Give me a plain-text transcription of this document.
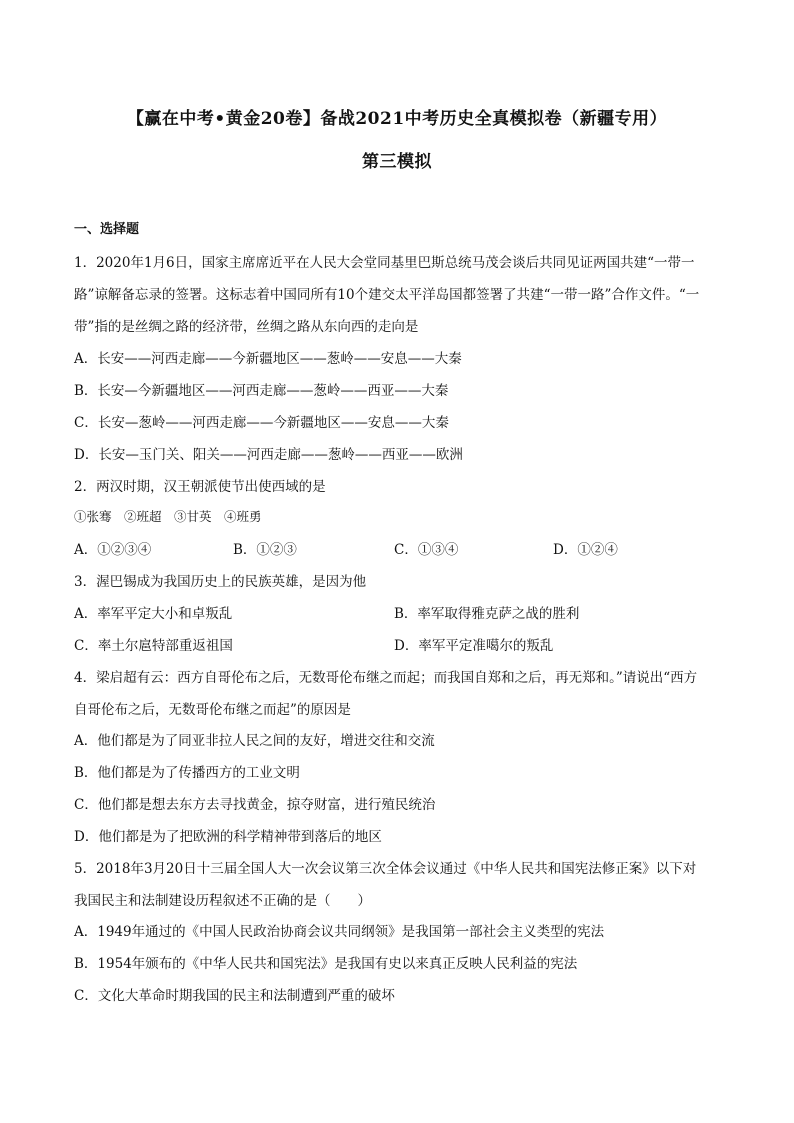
【赢在中考•黄金20卷】备战2021中考历史全真模拟卷（新疆专用）
第三模拟
一、选择题
1．2020年1月6日，国家主席席近平在人民大会堂同基里巴斯总统马茂会谈后共同见证两国共建“一带一
路”谅解备忘录的签署。这标志着中国同所有10个建交太平洋岛国都签署了共建“一带一路”合作文件。“一
带”指的是丝绸之路的经济带，丝绸之路从东向西的走向是
A．长安——河西走廊——今新疆地区——葱岭——安息——大秦
B．长安—今新疆地区——河西走廊——葱岭——西亚——大秦
C．长安—葱岭——河西走廊——今新疆地区——安息——大秦
D．长安—玉门关、阳关——河西走廊——葱岭——西亚——欧洲
2．两汉时期，汉王朝派使节出使西域的是
①张骞　②班超　③甘英　④班勇
A．①②③④	B．①②③	C．①③④	D．①②④
3．渥巴锡成为我国历史上的民族英雄，是因为他
A．率军平定大小和卓叛乱	B．率军取得雅克萨之战的胜利
C．率土尔扈特部重返祖国	D．率军平定准噶尔的叛乱
4．梁启超有云：西方自哥伦布之后，无数哥伦布继之而起；而我国自郑和之后，再无郑和。”请说出“西方
自哥伦布之后，无数哥伦布继之而起”的原因是
A．他们都是为了同亚非拉人民之间的友好，增进交往和交流
B．他们都是为了传播西方的工业文明
C．他们都是想去东方去寻找黄金，掠夺财富，进行殖民统治
D．他们都是为了把欧洲的科学精神带到落后的地区
5．2018年3月20日十三届全国人大一次会议第三次全体会议通过《中华人民共和国宪法修正案》以下对
我国民主和法制建设历程叙述不正确的是（　　）
A．1949年通过的《中国人民政治协商会议共同纲领》是我国第一部社会主义类型的宪法
B．1954年颁布的《中华人民共和国宪法》是我国有史以来真正反映人民利益的宪法
C．文化大革命时期我国的民主和法制遭到严重的破坏
